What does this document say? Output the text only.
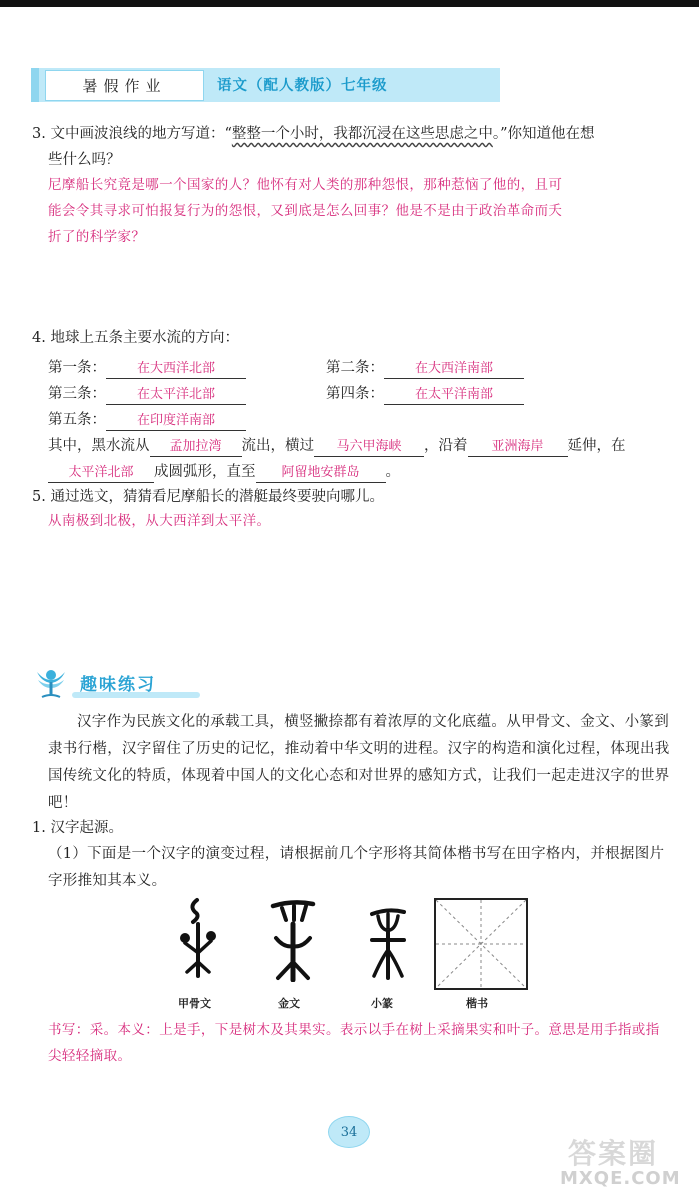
暑假作业	语文（配人教版）七年级
3. 文中画波浪线的地方写道：“整整一个小时，我都沉浸在这些思虑之中。”你知道他在想
些什么吗？
尼摩船长究竟是哪一个国家的人？他怀有对人类的那种怨恨，那种惹恼了他的，且可
能会令其寻求可怕报复行为的怨恨，又到底是怎么回事？他是不是由于政治革命而夭
折了的科学家？
4. 地球上五条主要水流的方向：
第一条： 在大西洋北部	第二条： 在大西洋南部
第三条： 在太平洋北部	第四条： 在太平洋南部
第五条： 在印度洋南部
其中，黑水流从 孟加拉湾 流出，横过 马六甲海峡 ，沿着 亚洲海岸 延伸，在
太平洋北部 成圆弧形，直至 阿留地安群岛 。
5. 通过选文，猜猜看尼摩船长的潜艇最终要驶向哪儿。
从南极到北极，从大西洋到太平洋。
趣味练习
汉字作为民族文化的承载工具，横竖撇捺都有着浓厚的文化底蕴。从甲骨文、金文、小篆到隶书行楷，汉字留住了历史的记忆，推动着中华文明的进程。汉字的构造和演化过程，体现出我国传统文化的特质，体现着中国人的文化心态和对世界的感知方式，让我们一起走进汉字的世界吧！
1. 汉字起源。
（1）下面是一个汉字的演变过程，请根据前几个字形将其简体楷书写在田字格内，并根据图片字形推知其本义。
甲骨文	金文	小篆	楷书
书写：采。本义：上是手，下是树木及其果实。表示以手在树上采摘果实和叶子。意思是用手指或指尖轻轻摘取。
34
答案圈
MXQE.COM
